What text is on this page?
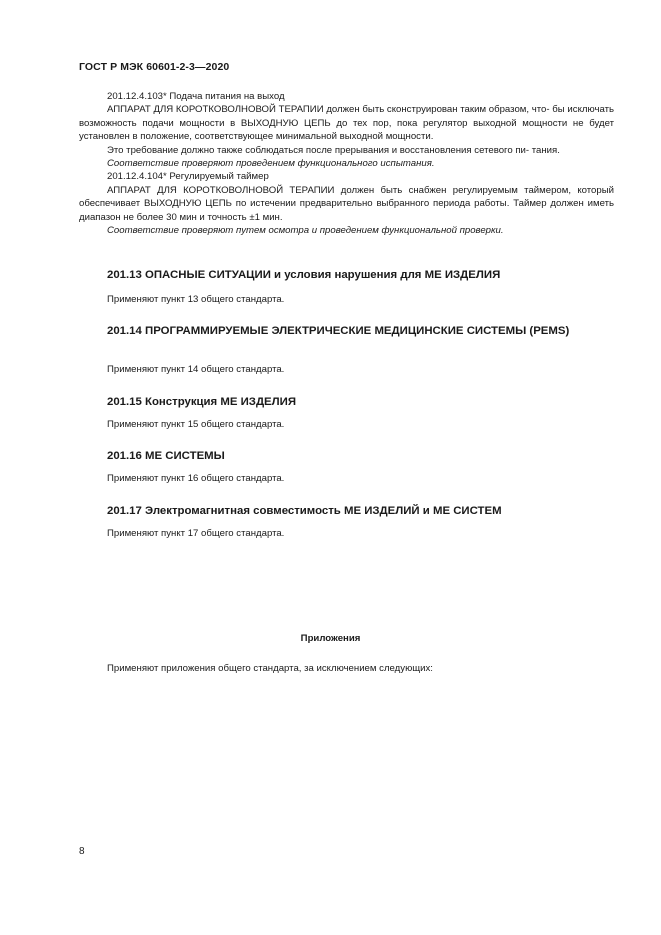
ГОСТ Р МЭК 60601-2-3—2020

201.12.4.103* Подача питания на выход

АППАРАТ ДЛЯ КОРОТКОВОЛНОВОЙ ТЕРАПИИ должен быть сконструирован таким образом, что- бы исключать возможность подачи мощности в ВЫХОДНУЮ ЦЕПЬ до тех пор, пока регулятор выходной мощности не будет установлен в положение, соответствующее минимальной выходной мощности.

Это требование должно также соблюдаться после прерывания и восстановления сетевого пи- тания.

Соответствие проверяют проведением функционального испытания.

201.12.4.104* Регулируемый таймер

АППАРАТ ДЛЯ КОРОТКОВОЛНОВОЙ ТЕРАПИИ должен быть снабжен регулируемым таймером, который обеспечивает ВЫХОДНУЮ ЦЕПЬ по истечении предварительно выбранного периода работы. Таймер должен иметь диапазон не более 30 мин и точность ±1 мин.

Соответствие проверяют путем осмотра и проведением функциональной проверки.

201.13 ОПАСНЫЕ СИТУАЦИИ и условия нарушения для МЕ ИЗДЕЛИЯ
Применяют пункт 13 общего стандарта.
201.14 ПРОГРАММИРУЕМЫЕ ЭЛЕКТРИЧЕСКИЕ МЕДИЦИНСКИЕ СИСТЕМЫ (PEMS)
Применяют пункт 14 общего стандарта.
201.15 Конструкция МЕ ИЗДЕЛИЯ
Применяют пункт 15 общего стандарта.
201.16 МЕ СИСТЕМЫ
Применяют пункт 16 общего стандарта.
201.17 Электромагнитная совместимость МЕ ИЗДЕЛИЙ и МЕ СИСТЕМ
Применяют пункт 17 общего стандарта.
Приложения
Применяют приложения общего стандарта, за исключением следующих:
8
